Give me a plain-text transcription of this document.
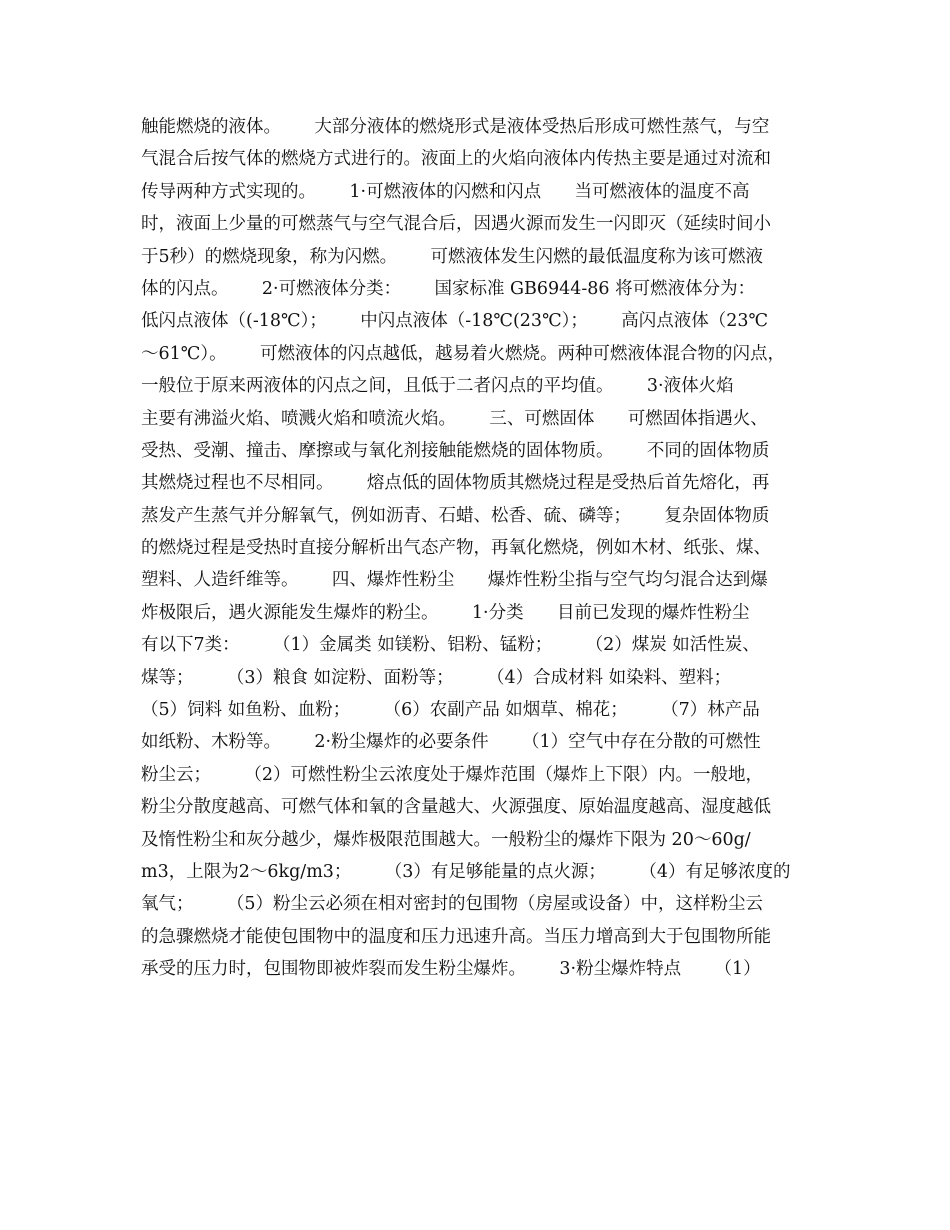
触能燃烧的液体。      大部分液体的燃烧形式是液体受热后形成可燃性蒸气，与空
气混合后按气体的燃烧方式进行的。液面上的火焰向液体内传热主要是通过对流和
传导两种方式实现的。      1·可燃液体的闪燃和闪点      当可燃液体的温度不高
时，液面上少量的可燃蒸气与空气混合后，因遇火源而发生一闪即灭（延续时间小
于5秒）的燃烧现象，称为闪燃。      可燃液体发生闪燃的最低温度称为该可燃液
体的闪点。      2·可燃液体分类：      国家标准 GB6944-86 将可燃液体分为：
低闪点液体（(-18℃）；      中闪点液体（-18℃(23℃）；      高闪点液体（23℃
～61℃）。      可燃液体的闪点越低，越易着火燃烧。两种可燃液体混合物的闪点，
一般位于原来两液体的闪点之间，且低于二者闪点的平均值。      3·液体火焰
主要有沸溢火焰、喷溅火焰和喷流火焰。      三、可燃固体      可燃固体指遇火、
受热、受潮、撞击、摩擦或与氧化剂接触能燃烧的固体物质。      不同的固体物质
其燃烧过程也不尽相同。      熔点低的固体物质其燃烧过程是受热后首先熔化，再
蒸发产生蒸气并分解氧气，例如沥青、石蜡、松香、硫、磷等；      复杂固体物质
的燃烧过程是受热时直接分解析出气态产物，再氧化燃烧，例如木材、纸张、煤、
塑料、人造纤维等。      四、爆炸性粉尘      爆炸性粉尘指与空气均匀混合达到爆
炸极限后，遇火源能发生爆炸的粉尘。      1·分类      目前已发现的爆炸性粉尘
有以下7类：      （1）金属类 如镁粉、铝粉、锰粉；      （2）煤炭 如活性炭、
煤等；      （3）粮食 如淀粉、面粉等；      （4）合成材料 如染料、塑料；
（5）饲料 如鱼粉、血粉；      （6）农副产品 如烟草、棉花；      （7）林产品
如纸粉、木粉等。      2·粉尘爆炸的必要条件      （1）空气中存在分散的可燃性
粉尘云；      （2）可燃性粉尘云浓度处于爆炸范围（爆炸上下限）内。一般地，
粉尘分散度越高、可燃气体和氧的含量越大、火源强度、原始温度越高、湿度越低
及惰性粉尘和灰分越少，爆炸极限范围越大。一般粉尘的爆炸下限为 20～60g/
m3，上限为2～6kg/m3；      （3）有足够能量的点火源；      （4）有足够浓度的
氧气；      （5）粉尘云必须在相对密封的包围物（房屋或设备）中，这样粉尘云
的急骤燃烧才能使包围物中的温度和压力迅速升高。当压力增高到大于包围物所能
承受的压力时，包围物即被炸裂而发生粉尘爆炸。      3·粉尘爆炸特点      （1）
